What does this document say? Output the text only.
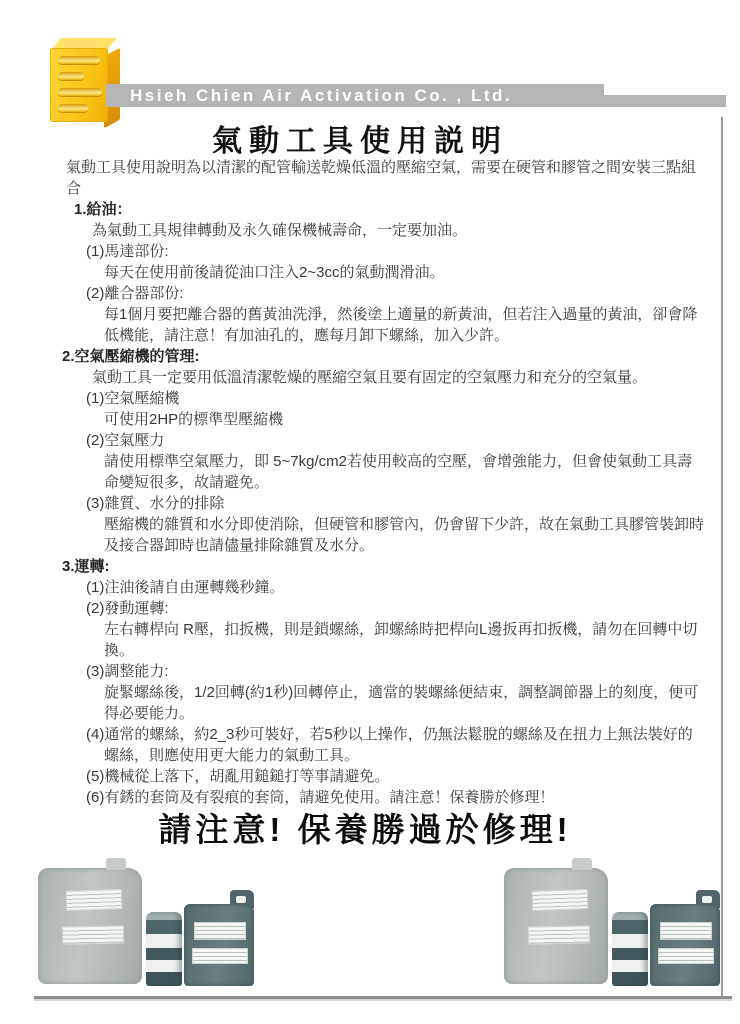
Hsieh Chien Air Activation Co. , Ltd.
氣動工具使用説明

氣動工具使用說明為以清潔的配管輸送乾燥低溫的壓縮空氣，需要在硬管和膠管之間安裝三點組合

1.給油：

為氣動工具規律轉動及永久確保機械壽命，一定要加油。

(1)馬達部份:

每天在使用前後請從油口注入2~3cc的氣動潤滑油。

(2)離合器部份:

每1個月要把離合器的舊黃油洗淨，然後塗上適量的新黃油，但若注入過量的黃油，卻會降低機能，請注意！有加油孔的，應每月卸下螺絲，加入少許。

2.空氣壓縮機的管理:

氣動工具一定要用低溫清潔乾燥的壓縮空氣且要有固定的空氣壓力和充分的空氣量。

(1)空氣壓縮機

可使用2HP的標準型壓縮機

(2)空氣壓力

請使用標準空氣壓力，即 5~7kg/cm2若使用較高的空壓，會增強能力，但會使氣動工具壽命變短很多，故請避免。

(3)雜質、水分的排除

壓縮機的雜質和水分即使消除，但硬管和膠管內，仍會留下少許，故在氣動工具膠管裝卸時及接合器卸時也請儘量排除雜質及水分。

3.運轉:

(1)注油後請自由運轉幾秒鐘。

(2)發動運轉:

左右轉桿向 R壓，扣扳機，則是鎖螺絲，卸螺絲時把桿向L邊扳再扣扳機，請勿在回轉中切換。

(3)調整能力:

旋緊螺絲後，1/2回轉(約1秒)回轉停止，適當的裝螺絲便結束，調整調節器上的刻度，便可得必要能力。

(4)通常的螺絲，約2_3秒可裝好，若5秒以上操作，仍無法鬆脫的螺絲及在扭力上無法裝好的螺絲，則應使用更大能力的氣動工具。

(5)機械從上落下，胡亂用鎚鎚打等事請避免。

(6)有銹的套筒及有裂痕的套筒，請避免使用。請注意！保養勝於修理！

請注意! 保養勝過於修理!
